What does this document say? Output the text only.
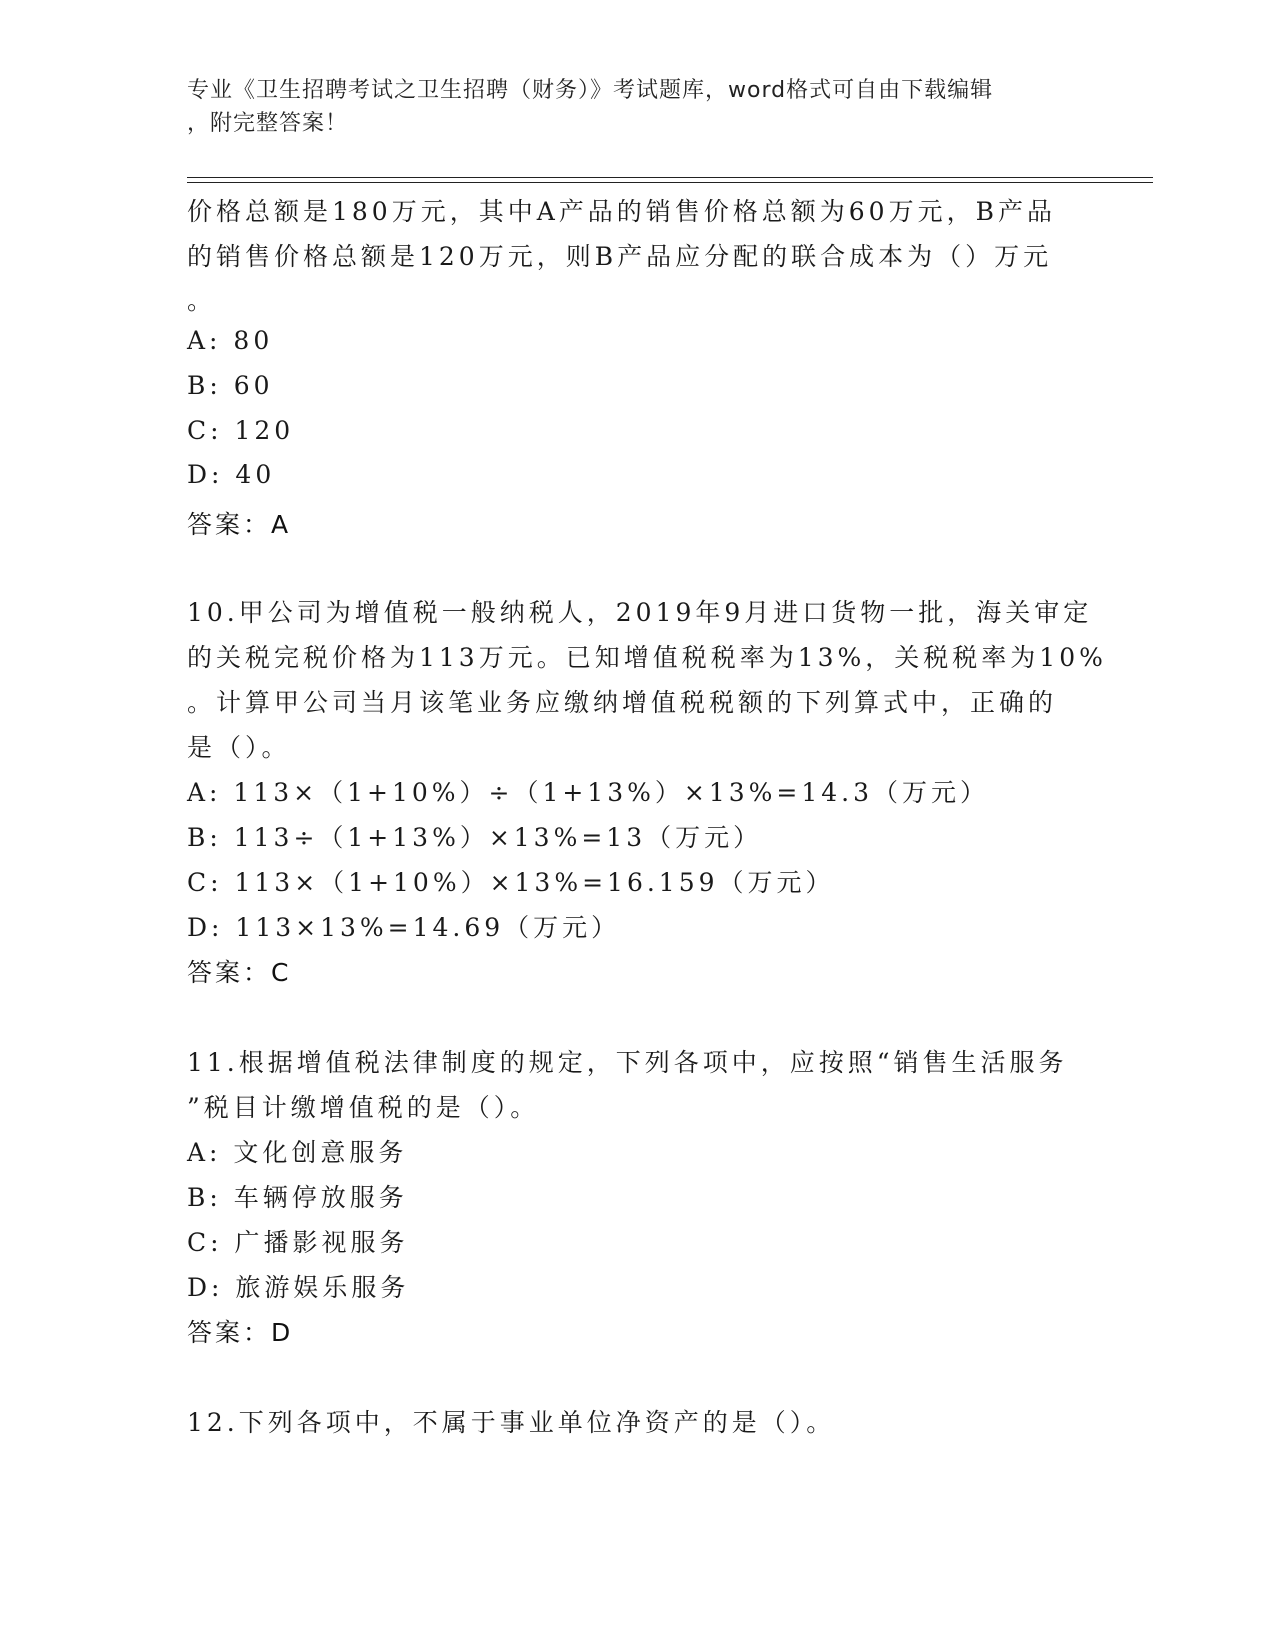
专业《卫生招聘考试之卫生招聘（财务）》考试题库，word格式可自由下载编辑
，附完整答案！
价格总额是180万元，其中A产品的销售价格总额为60万元，B产品
的销售价格总额是120万元，则B产品应分配的联合成本为（）万元
。
A: 80
B: 60
C: 120
D: 40
答案：A
10.甲公司为增值税一般纳税人，2019年9月进口货物一批，海关审定
的关税完税价格为113万元。已知增值税税率为13%，关税税率为10%
。计算甲公司当月该笔业务应缴纳增值税税额的下列算式中，正确的
是（）。
A: 113×（1+10%）÷（1+13%）×13%=14.3（万元）
B: 113÷（1+13%）×13%=13（万元）
C: 113×（1+10%）×13%=16.159（万元）
D: 113×13%=14.69（万元）
答案：C
11.根据增值税法律制度的规定，下列各项中，应按照“销售生活服务
”税目计缴增值税的是（）。
A: 文化创意服务
B: 车辆停放服务
C: 广播影视服务
D: 旅游娱乐服务
答案：D
12.下列各项中，不属于事业单位净资产的是（）。
